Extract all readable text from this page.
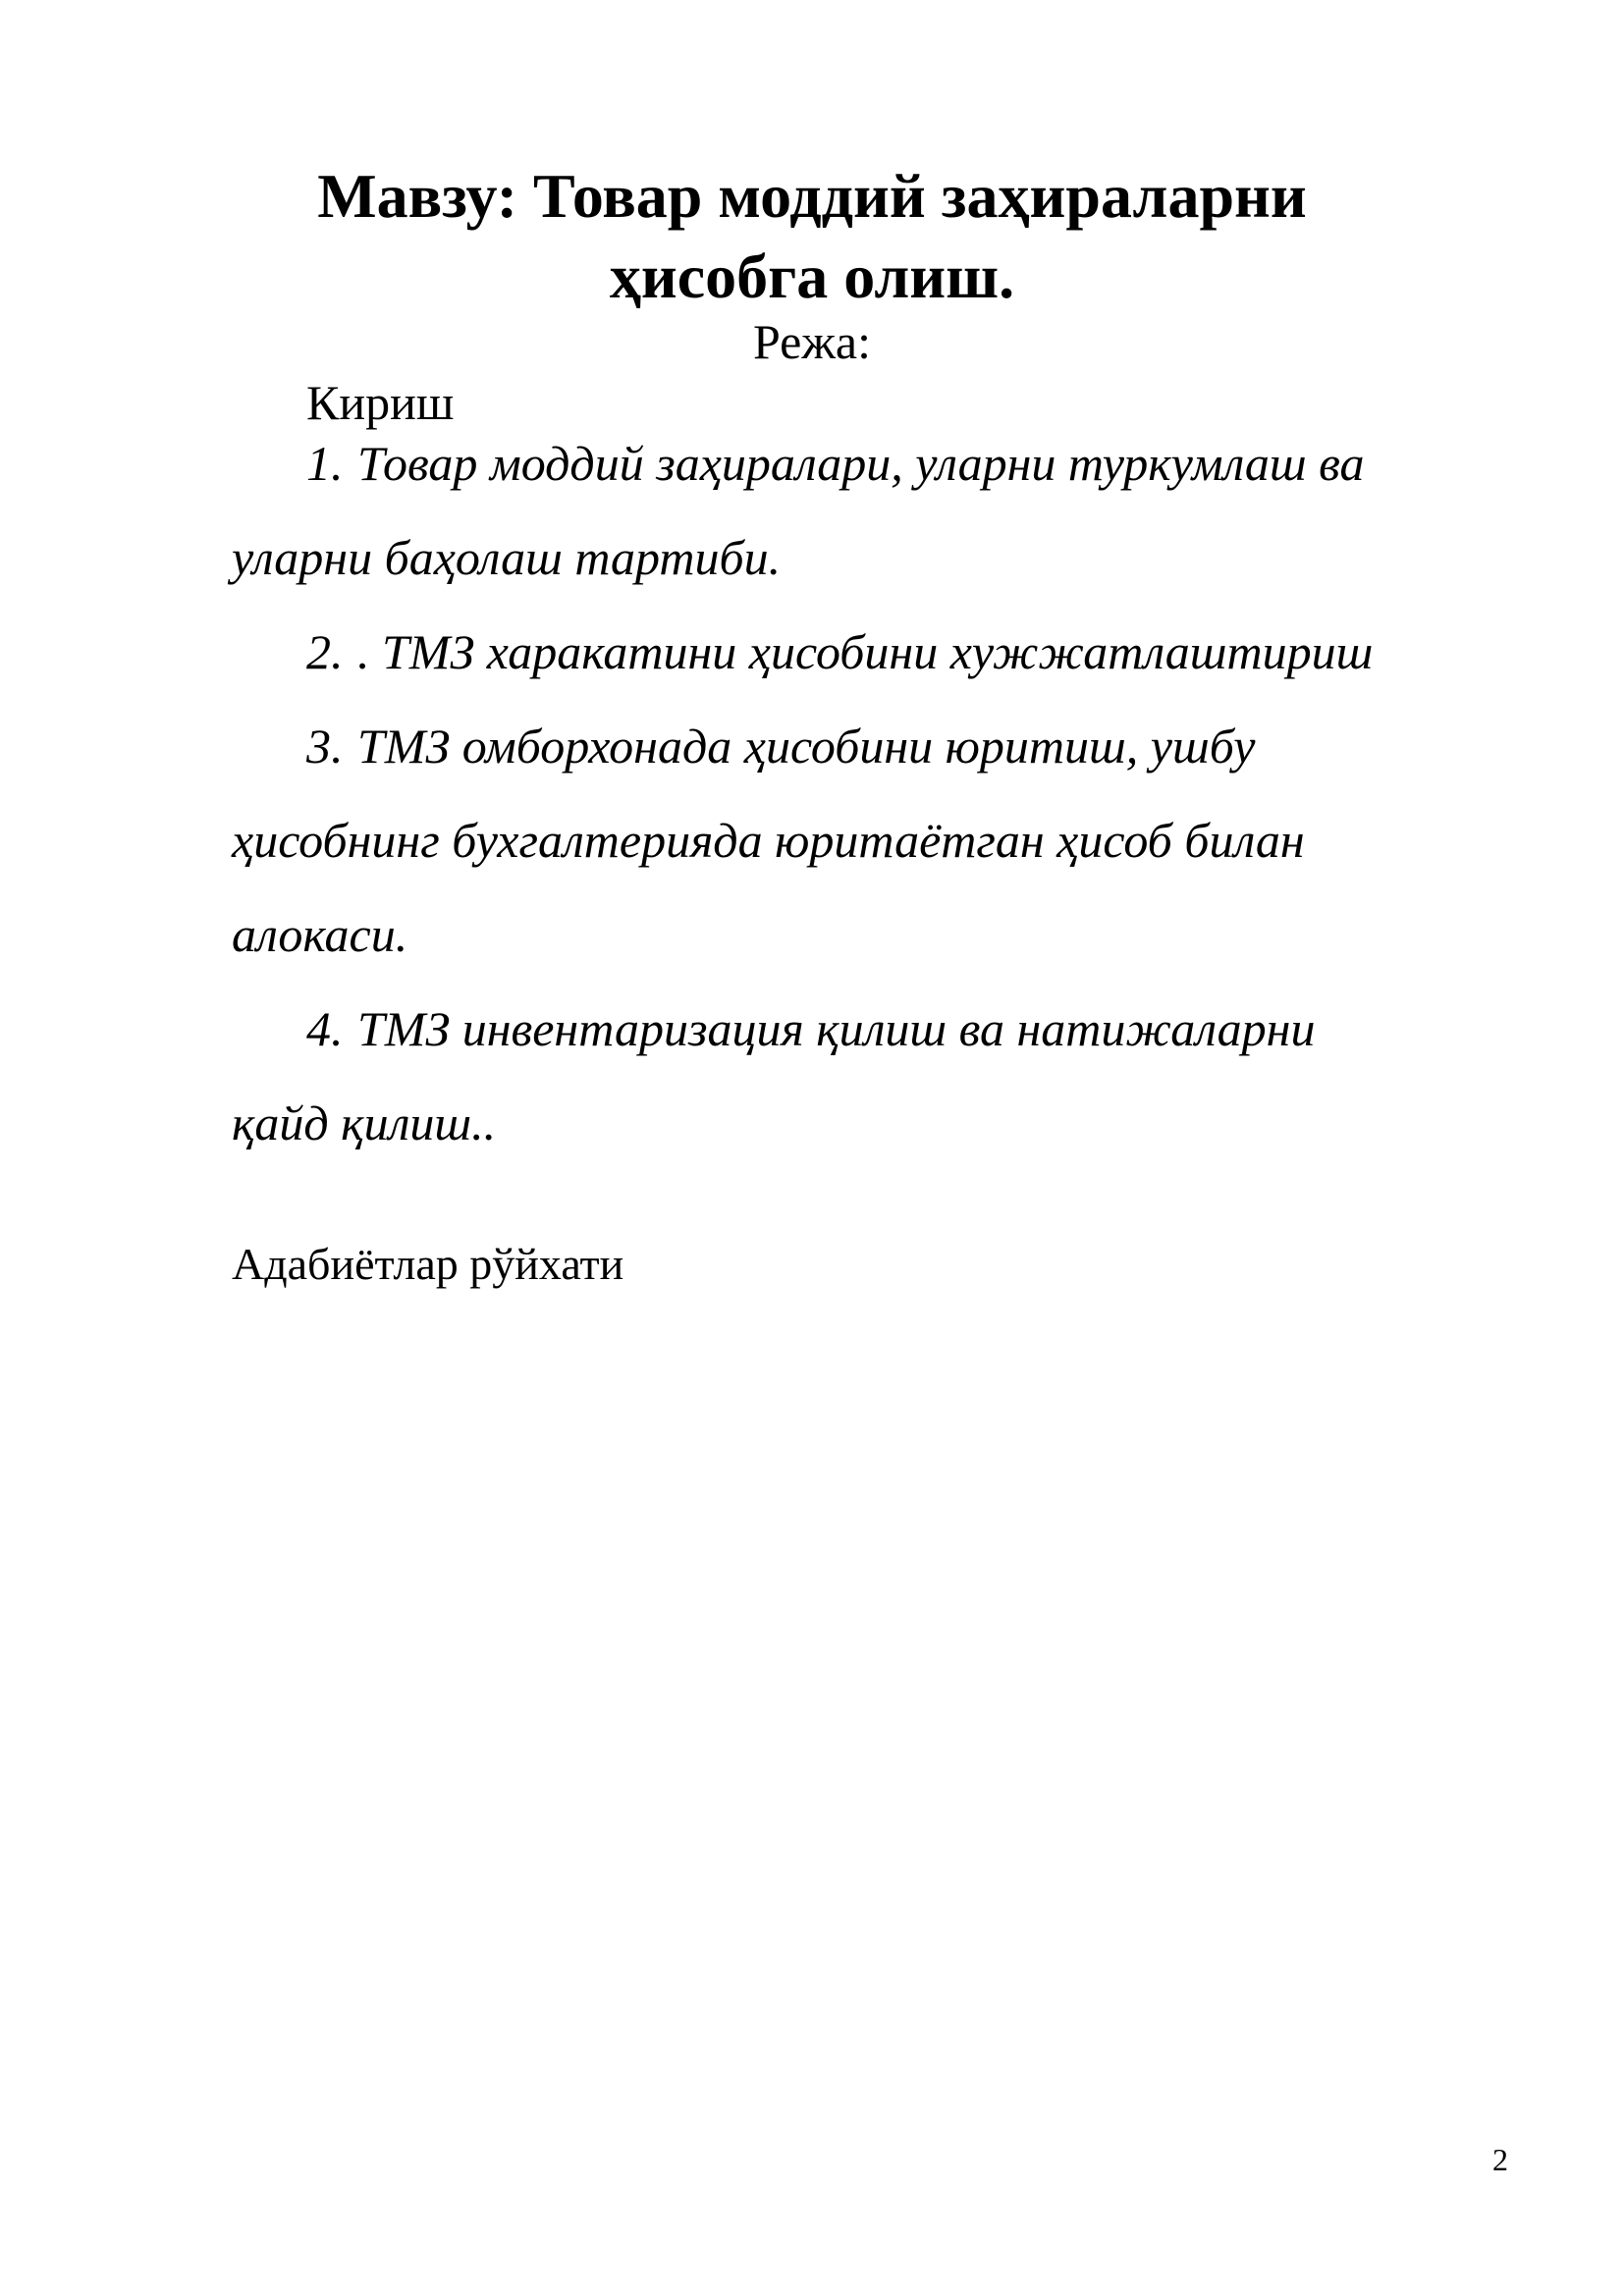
Мавзу: Товар моддий заҳираларни
ҳисобга олиш.

Режа:

Кириш

1. Товар моддий заҳиралари, уларни туркумлаш ва

уларни баҳолаш тартиби.

2. . ТМЗ харакатини ҳисобини хужжатлаштириш

3. ТМЗ омборхонада ҳисобини юритиш, ушбу

ҳисобнинг бухгалтерияда юритаётган ҳисоб билан

алокаси.

4. ТМЗ инвентаризация қилиш ва натижаларни

қайд қилиш..

Адабиётлар рўйхати

2
